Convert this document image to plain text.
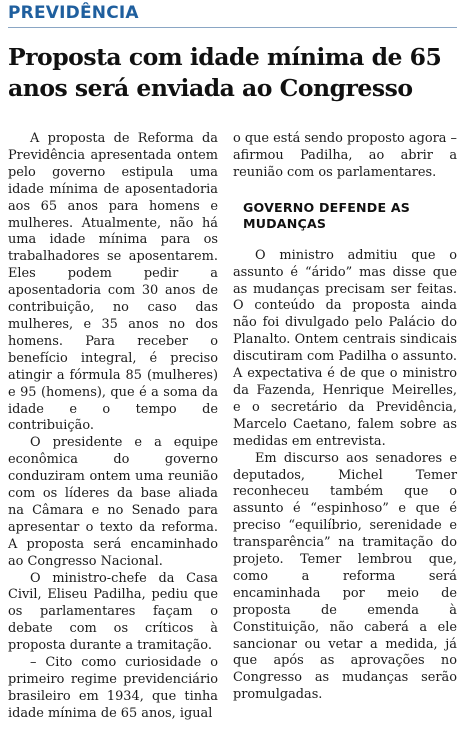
PREVIDÊNCIA
Proposta com idade mínima de 65 anos será enviada ao Congresso

A proposta de Reforma da Previdência apresentada ontem pelo governo estipula uma idade mínima de aposentadoria aos 65 anos para homens e mulheres. Atualmente, não há uma idade mínima para os trabalhadores se aposentarem. Eles podem pedir a aposentadoria com 30 anos de contribuição, no caso das mulheres, e 35 anos no dos homens. Para receber o benefício integral, é preciso atingir a fórmula 85 (mulheres) e 95 (homens), que é a soma da idade e o tempo de contribuição.

O presidente e a equipe econômica do governo conduziram ontem uma reunião com os líderes da base aliada na Câmara e no Senado para apresentar o texto da reforma. A proposta será encaminhado ao Congresso Nacional.

O ministro-chefe da Casa Civil, Eliseu Padilha, pediu que os parlamentares façam o debate com os críticos à proposta durante a tramitação.

– Cito como curiosidade o primeiro regime previdenciário brasileiro em 1934, que tinha idade mínima de 65 anos, igual

o que está sendo proposto agora – afirmou Padilha, ao abrir a reunião com os parlamentares.

GOVERNO DEFENDE AS MUDANÇAS

O ministro admitiu que o assunto é “árido” mas disse que as mudanças precisam ser feitas. O conteúdo da proposta ainda não foi divulgado pelo Palácio do Planalto. Ontem centrais sindicais discutiram com Padilha o assunto. A expectativa é de que o ministro da Fazenda, Henrique Meirelles, e o secretário da Previdência, Marcelo Caetano, falem sobre as medidas em entrevista.

Em discurso aos senadores e deputados, Michel Temer reconheceu também que o assunto é “espinhoso” e que é preciso “equilíbrio, serenidade e transparência” na tramitação do projeto. Temer lembrou que, como a reforma será encaminhada por meio de proposta de emenda à Constituição, não caberá a ele sancionar ou vetar a medida, já que após as aprovações no Congresso as mudanças serão promulgadas.
